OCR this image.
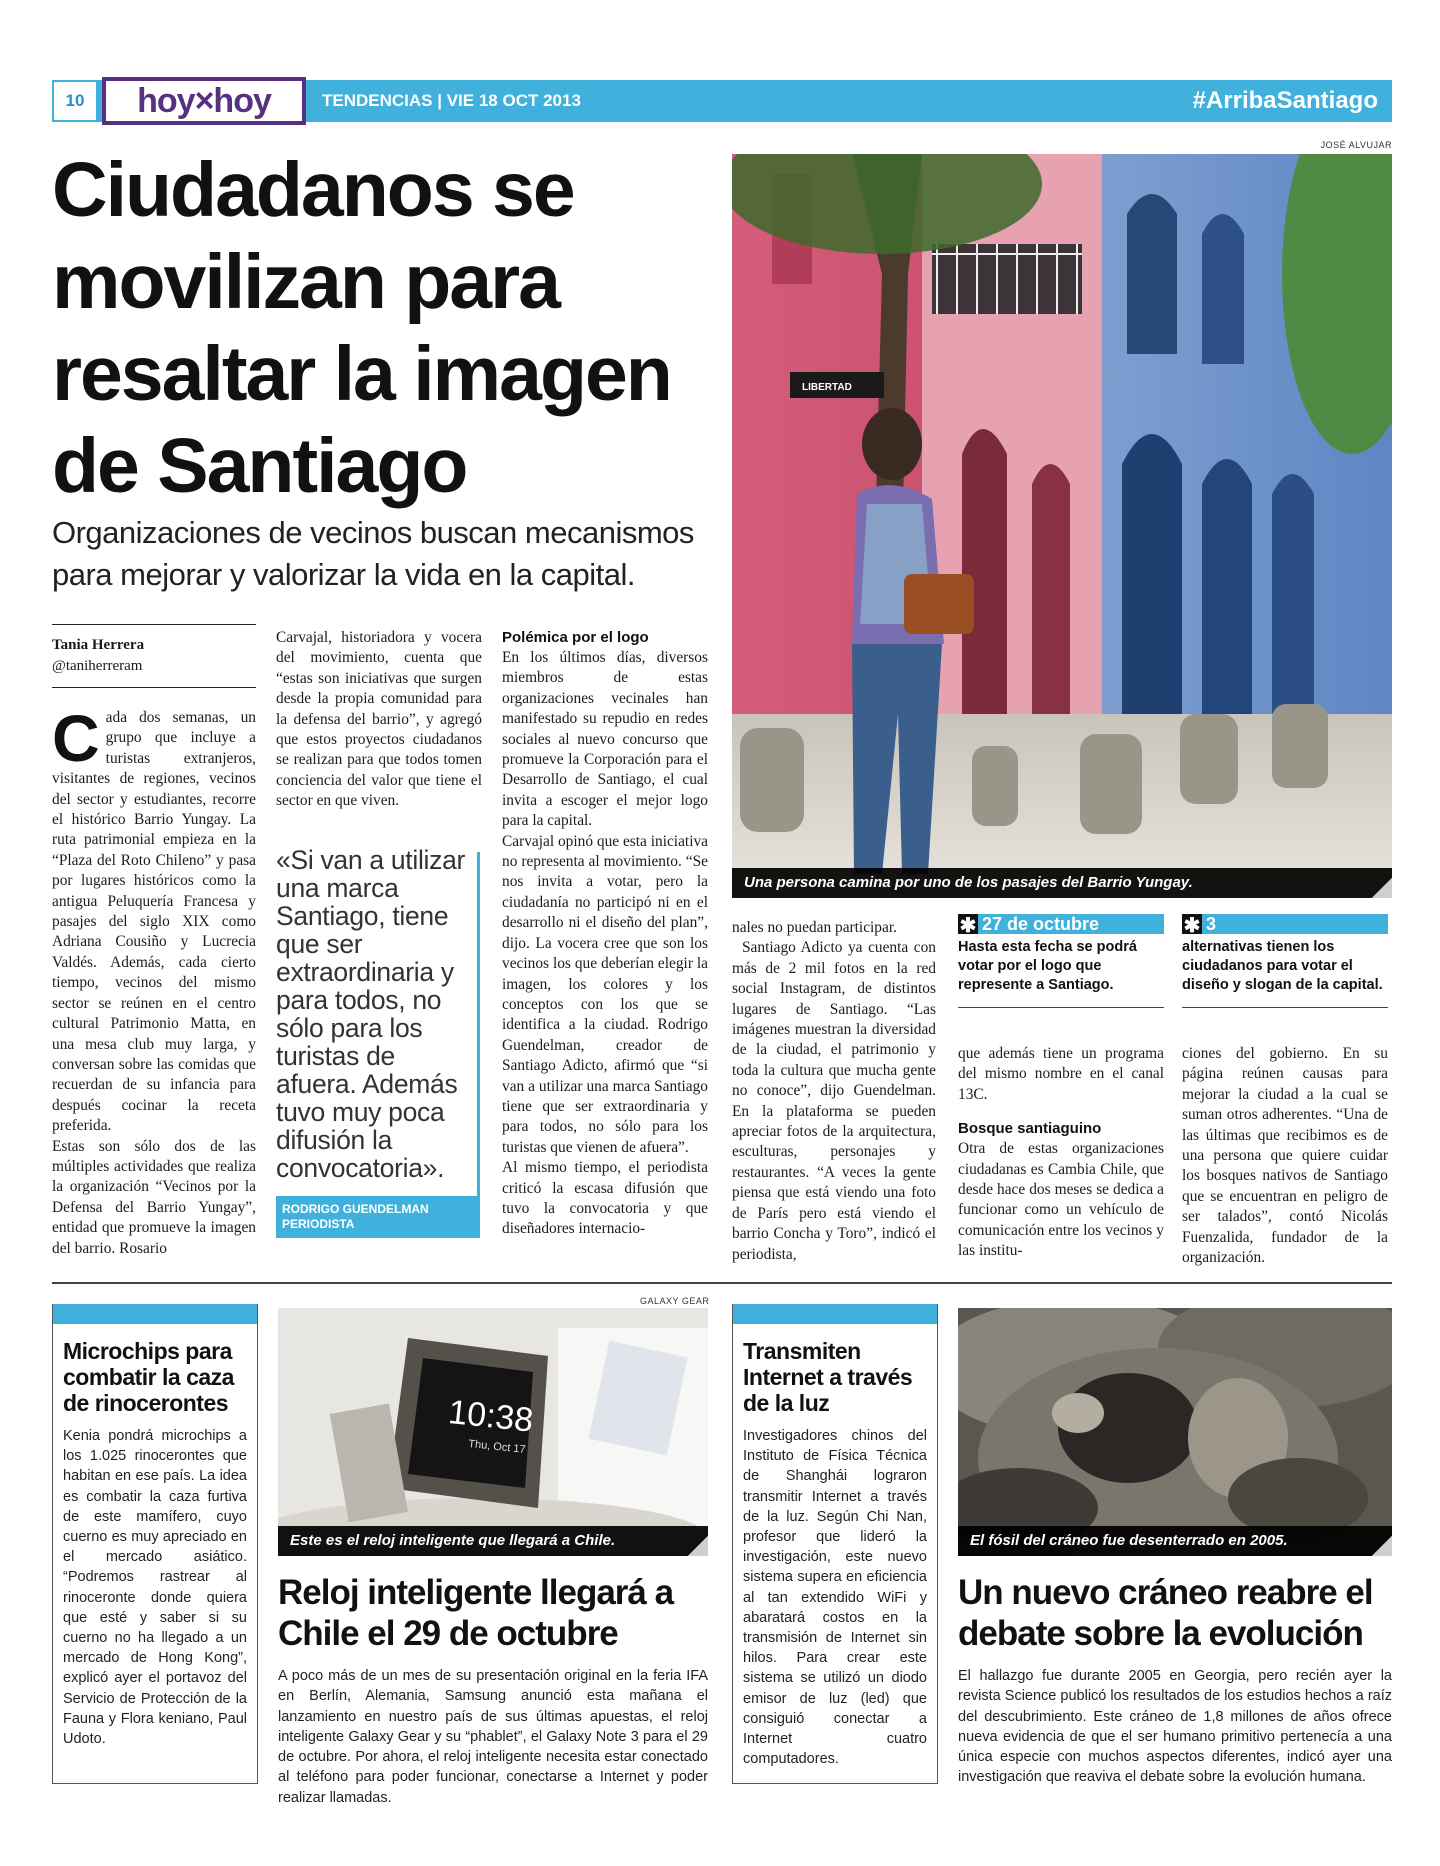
10	hoy×hoy	TENDENCIAS | VIE 18 OCT 2013	#ArribaSantiago
Ciudadanos se movilizan para resaltar la imagen de Santiago
Organizaciones de vecinos buscan mecanismos para mejorar y valorizar la vida en la capital.
JOSÉ ALVUJAR
LIBERTAD
Una persona camina por uno de los pasajes del Barrio Yungay.
Tania Herrera
@taniherreram
C ada dos semanas, un grupo que incluye a turistas extranjeros, visitantes de regiones, vecinos del sector y estudiantes, recorre el histórico Barrio Yungay. La ruta patrimonial empieza en la “Plaza del Roto Chileno” y pasa por lugares históricos como la antigua Peluquería Francesa y pasajes del siglo XIX como Adriana Cousiño y Lucrecia Valdés. Además, cada cierto tiempo, vecinos del mismo sector se reúnen en el centro cultural Patrimonio Matta, en una mesa club muy larga, y conversan sobre las comidas que recuerdan de su infancia para después cocinar la receta preferida.

Estas son sólo dos de las múltiples actividades que realiza la organización “Vecinos por la Defensa del Barrio Yungay”, entidad que promueve la imagen del barrio. Rosario

Carvajal, historiadora y vocera del movimiento, cuenta que “estas son iniciativas que surgen desde la propia comunidad para la defensa del barrio”, y agregó que estos proyectos ciudadanos se realizan para que todos tomen conciencia del valor que tiene el sector en que viven.

«Si van a utilizar una marca Santiago, tiene que ser extraordinaria y para todos, no sólo para los turistas de afuera. Además tuvo muy poca difusión la convocatoria».
RODRIGO GUENDELMAN
PERIODISTA

Polémica por el logo

En los últimos días, diversos miembros de estas organizaciones vecinales han manifestado su repudio en redes sociales al nuevo concurso que promueve la Corporación para el Desarrollo de Santiago, el cual invita a escoger el mejor logo para la capital.

Carvajal opinó que esta iniciativa no representa al movimiento. “Se nos invita a votar, pero la ciudadanía no participó ni en el desarrollo ni el diseño del plan”, dijo. La vocera cree que son los vecinos los que deberían elegir la imagen, los colores y los conceptos con los que se identifica a la ciudad. Rodrigo Guendelman, creador de Santiago Adicto, afirmó que “si van a utilizar una marca Santiago tiene que ser extraordinaria y para todos, no sólo para los turistas que vienen de afuera”.

Al mismo tiempo, el periodista criticó la escasa difusión que tuvo la convocatoria y que diseñadores internacio-

nales no puedan participar.

Santiago Adicto ya cuenta con más de 2 mil fotos en la red social Instagram, de distintos lugares de Santiago. “Las imágenes muestran la diversidad de la ciudad, el patrimonio y toda la cultura que mucha gente no conoce”, dijo Guendelman. En la plataforma se pueden apreciar fotos de la arquitectura, esculturas, personajes y restaurantes. “A veces la gente piensa que está viendo una foto de París pero está viendo el barrio Concha y Toro”, indicó el periodista,

✱ 27 de octubre
Hasta esta fecha se podrá votar por el logo que represente a Santiago.
✱ 3
alternativas tienen los ciudadanos para votar el diseño y slogan de la capital.

que además tiene un programa del mismo nombre en el canal 13C.

Bosque santiaguino

Otra de estas organizaciones ciudadanas es Cambia Chile, que desde hace dos meses se dedica a funcionar como un vehículo de comunicación entre los vecinos y las institu-

ciones del gobierno. En su página reúnen causas para mejorar la ciudad a la cual se suman otros adherentes. “Una de las últimas que recibimos es de una persona que quiere cuidar los bosques nativos de Santiago que se encuentran en peligro de ser talados”, contó Nicolás Fuenzalida, fundador de la organización.

Microchips para combatir la caza de rinocerontes
Kenia pondrá microchips a los 1.025 rinocerontes que habitan en ese país. La idea es combatir la caza furtiva de este mamífero, cuyo cuerno es muy apreciado en el mercado asiático. “Podremos rastrear al rinoceronte donde quiera que esté y saber si su cuerno no ha llegado a un mercado de Hong Kong”, explicó ayer el portavoz del Servicio de Protección de la Fauna y Flora keniano, Paul Udoto.
GALAXY GEAR
10:38
Thu, Oct 17
Este es el reloj inteligente que llegará a Chile.
Reloj inteligente llegará a Chile el 29 de octubre
A poco más de un mes de su presentación original en la feria IFA en Berlín, Alemania, Samsung anunció esta mañana el lanzamiento en nuestro país de sus últimas apuestas, el reloj inteligente Galaxy Gear y su “phablet”, el Galaxy Note 3 para el 29 de octubre. Por ahora, el reloj inteligente necesita estar conectado al teléfono para poder funcionar, conectarse a Internet y poder realizar llamadas.
Transmiten Internet a través de la luz
Investigadores chinos del Instituto de Física Técnica de Shanghái lograron transmitir Internet a través de la luz. Según Chi Nan, profesor que lideró la investigación, este nuevo sistema supera en eficiencia al tan extendido WiFi y abaratará costos en la transmisión de Internet sin hilos. Para crear este sistema se utilizó un diodo emisor de luz (led) que consiguió conectar a Internet cuatro computadores.
El fósil del cráneo fue desenterrado en 2005.
Un nuevo cráneo reabre el debate sobre la evolución
El hallazgo fue durante 2005 en Georgia, pero recién ayer la revista Science publicó los resultados de los estudios hechos a raíz del descubrimiento. Este cráneo de 1,8 millones de años ofrece nueva evidencia de que el ser humano primitivo pertenecía a una única especie con muchos aspectos diferentes, indicó ayer una investigación que reaviva el debate sobre la evolución humana.
